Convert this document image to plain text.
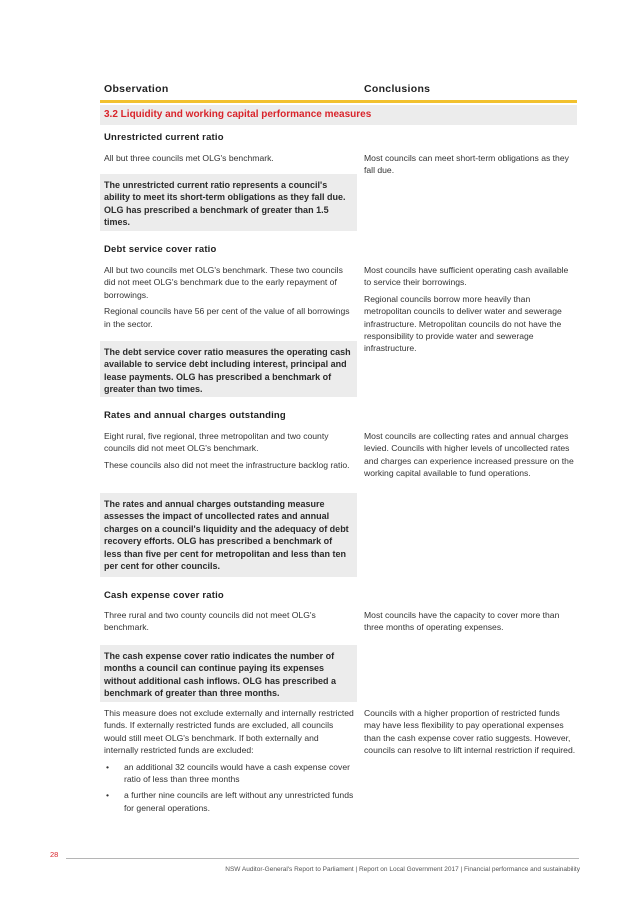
Observation	Conclusions
3.2 Liquidity and working capital performance measures
Unrestricted current ratio

All but three councils met OLG's benchmark.	Most councils can meet short-term obligations as they fall due.

The unrestricted current ratio represents a council's ability to meet its short-term obligations as they fall due. OLG has prescribed a benchmark of greater than 1.5 times.

Debt service cover ratio

All but two councils met OLG's benchmark. These two councils did not meet OLG's benchmark due to the early repayment of borrowings.

Regional councils have 56 per cent of the value of all borrowings in the sector.

Most councils have sufficient operating cash available to service their borrowings.

Regional councils borrow more heavily than metropolitan councils to deliver water and sewerage infrastructure. Metropolitan councils do not have the responsibility to provide water and sewerage infrastructure.

The debt service cover ratio measures the operating cash available to service debt including interest, principal and lease payments. OLG has prescribed a benchmark of greater than two times.

Rates and annual charges outstanding

Eight rural, five regional, three metropolitan and two county councils did not meet OLG's benchmark.

These councils also did not meet the infrastructure backlog ratio.

Most councils are collecting rates and annual charges levied. Councils with higher levels of uncollected rates and charges can experience increased pressure on the working capital available to fund operations.

The rates and annual charges outstanding measure assesses the impact of uncollected rates and annual charges on a council's liquidity and the adequacy of debt recovery efforts. OLG has prescribed a benchmark of less than five per cent for metropolitan and less than ten per cent for other councils.

Cash expense cover ratio

Three rural and two county councils did not meet OLG's benchmark.

Most councils have the capacity to cover more than three months of operating expenses.

The cash expense cover ratio indicates the number of months a council can continue paying its expenses without additional cash inflows. OLG has prescribed a benchmark of greater than three months.

This measure does not exclude externally and internally restricted funds. If externally restricted funds are excluded, all councils would still meet OLG's benchmark. If both externally and internally restricted funds are excluded:

• an additional 32 councils would have a cash expense cover ratio of less than three months
• a further nine councils are left without any unrestricted funds for general operations.

Councils with a higher proportion of restricted funds may have less flexibility to pay operational expenses than the cash expense cover ratio suggests. However, councils can resolve to lift internal restriction if required.

28
NSW Auditor-General's Report to Parliament | Report on Local Government 2017 | Financial performance and sustainability
